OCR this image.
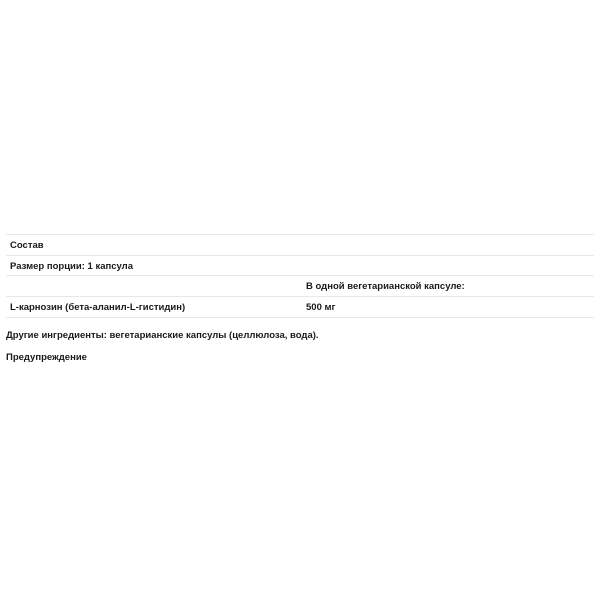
Состав
Размер порции: 1 капсула
В одной вегетарианской капсуле:
L-карнозин (бета-аланил-L-гистидин)	500 мг
Другие ингредиенты: вегетарианские капсулы (целлюлоза, вода).
Предупреждение
